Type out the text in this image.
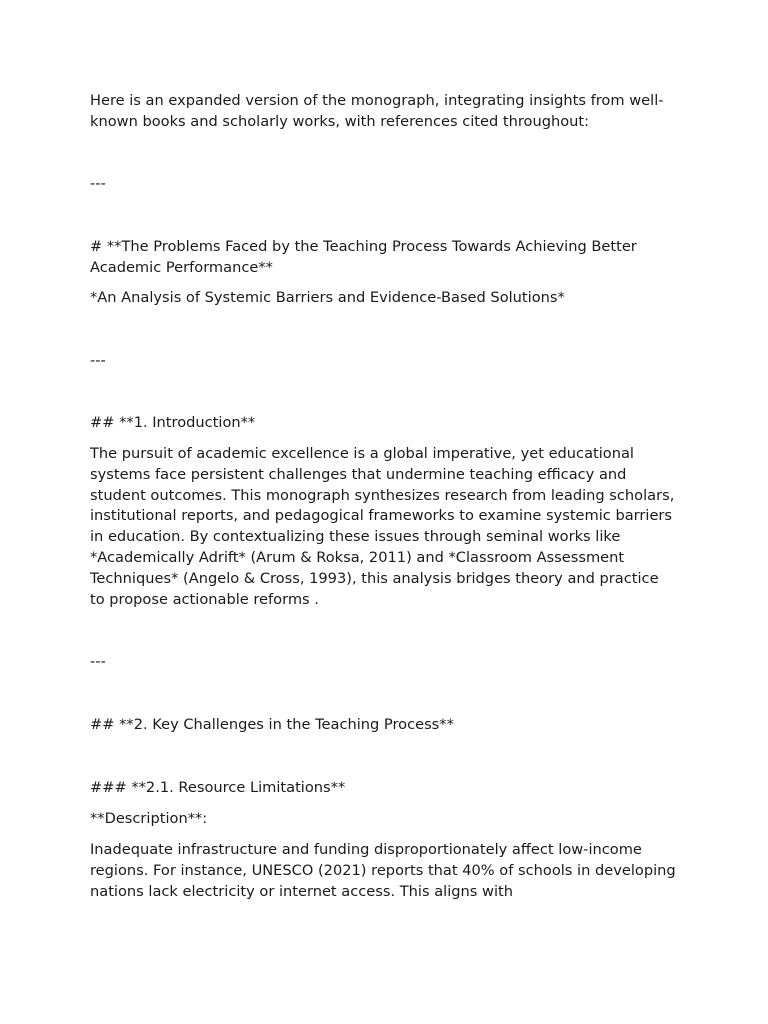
Here is an expanded version of the monograph, integrating insights from well-known books and scholarly works, with references cited throughout:

---

# **The Problems Faced by the Teaching Process Towards Achieving Better Academic Performance**

*An Analysis of Systemic Barriers and Evidence-Based Solutions*

---

## **1. Introduction**

The pursuit of academic excellence is a global imperative, yet educational systems face persistent challenges that undermine teaching efficacy and student outcomes. This monograph synthesizes research from leading scholars, institutional reports, and pedagogical frameworks to examine systemic barriers in education. By contextualizing these issues through seminal works like *Academically Adrift* (Arum & Roksa, 2011) and *Classroom Assessment Techniques* (Angelo & Cross, 1993), this analysis bridges theory and practice to propose actionable reforms .

---

## **2. Key Challenges in the Teaching Process**

### **2.1. Resource Limitations**

**Description**:

Inadequate infrastructure and funding disproportionately affect low-income regions. For instance, UNESCO (2021) reports that 40% of schools in developing nations lack electricity or internet access. This aligns with
